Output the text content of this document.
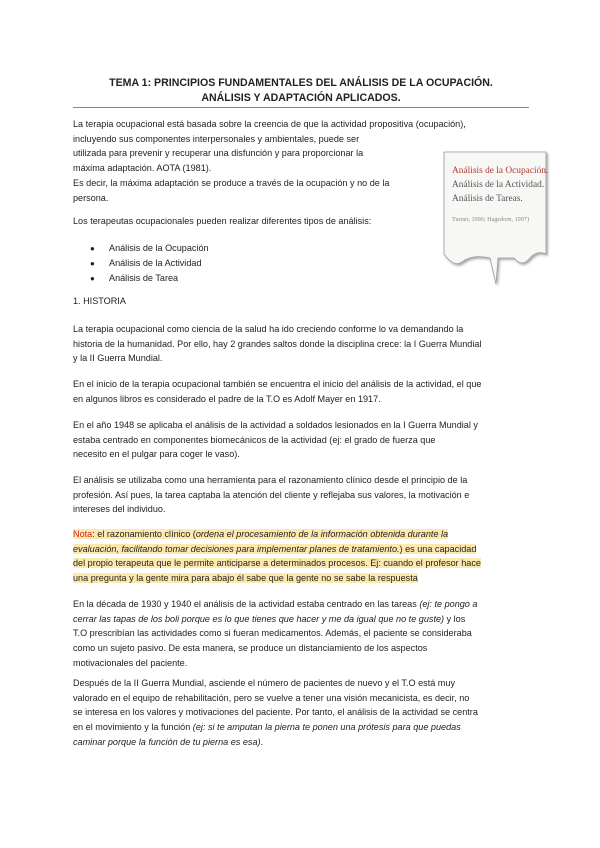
TEMA 1: PRINCIPIOS FUNDAMENTALES DEL ANÁLISIS DE LA OCUPACIÓN.
ANÁLISIS Y ADAPTACIÓN APLICADOS.
La terapia ocupacional está basada sobre la creencia de que la actividad propositiva (ocupación),
incluyendo sus componentes interpersonales y ambientales, puede ser
utilizada para prevenir y recuperar una disfunción y para proporcionar la
máxima adaptación. AOTA (1981).
Es decir, la máxima adaptación se produce a través de la ocupación y no de la
persona.
Análisis de la Ocupación.
Análisis de la Actividad.
Análisis de Tareas.
Turner, 1996; Hagedorn, 1997)
Los terapeutas ocupacionales pueden realizar diferentes tipos de análisis:
● Análisis de la Ocupación
● Análisis de la Actividad
● Análisis de Tarea
1. HISTORIA
La terapia ocupacional como ciencia de la salud ha ido creciendo conforme lo va demandando la
historia de la humanidad. Por ello, hay 2 grandes saltos donde la disciplina crece: la I Guerra Mundial
y la II Guerra Mundial.
En el inicio de la terapia ocupacional también se encuentra el inicio del análisis de la actividad, el que
en algunos libros es considerado el padre de la T.O es Adolf Mayer en 1917.
En el año 1948 se aplicaba el análisis de la actividad a soldados lesionados en la I Guerra Mundial y
estaba centrado en componentes biomecánicos de la actividad (ej: el grado de fuerza que
necesito en el pulgar para coger le vaso).
El análisis se utilizaba como una herramienta para el razonamiento clínico desde el principio de la
profesión. Así pues, la tarea captaba la atención del cliente y reflejaba sus valores, la motivación e
intereses del individuo.
Nota: el razonamiento clínico (ordena el procesamiento de la información obtenida durante la
evaluación, facilitando tomar decisiones para implementar planes de tratamiento.) es una capacidad
del propio terapeuta que le permite anticiparse a determinados procesos. Ej: cuando el profesor hace
una pregunta y la gente mira para abajo él sabe que la gente no se sabe la respuesta
En la década de 1930 y 1940 el análisis de la actividad estaba centrado en las tareas (ej: te pongo a
cerrar las tapas de los boli porque es lo que tienes que hacer y me da igual que no te guste) y los
T.O prescribían las actividades como si fueran medicamentos. Además, el paciente se consideraba
como un sujeto pasivo. De esta manera, se produce un distanciamiento de los aspectos
motivacionales del paciente.
Después de la II Guerra Mundial, asciende el número de pacientes de nuevo y el T.O está muy
valorado en el equipo de rehabilitación, pero se vuelve a tener una visión mecanicista, es decir, no
se interesa en los valores y motivaciones del paciente. Por tanto, el análisis de la actividad se centra
en el movimiento y la función (ej: si te amputan la pierna te ponen una prótesis para que puedas
caminar porque la función de tu pierna es esa).
